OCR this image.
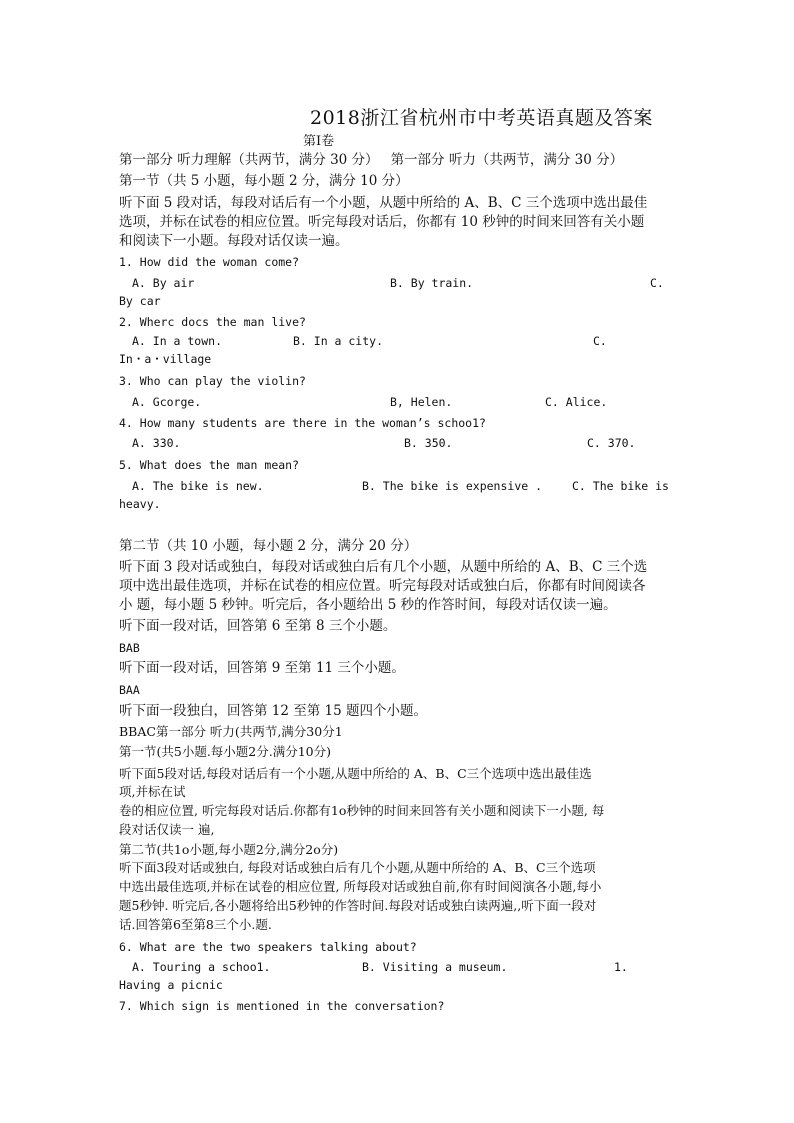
2018浙江省杭州市中考英语真题及答案
第Ⅰ卷
第一部分 听力理解（共两节，满分 30 分） 第一部分 听力（共两节，满分 30 分）
第一节（共 5 小题，每小题 2 分，满分 10 分）
听下面 5 段对话，每段对话后有一个小题，从题中所给的 A、B、C 三个选项中选出最佳
选项，并标在试卷的相应位置。听完每段对话后，你都有 10 秒钟的时间来回答有关小题
和阅读下一小题。每段对话仅读一遍。
1. How did the woman come?
A. By air	B. By train.	C.
By car
2. Wherc docs the man live?
A. In a town.	B. In a city.	C.
In・a・village
3. Who can play the violin?
A. Gcorge.	B, Helen.	C. Alice.
4. How many students are there in the woman’s schoo1?
A. 330.	B. 350.	C. 370.
5. What does the man mean?
A. The bike is new.	B. The bike is expensive .	C. The bike is
heavy.
第二节（共 10 小题，每小题 2 分，满分 20 分）
听下面 3 段对话或独白，每段对话或独白后有几个小题，从题中所给的 A、B、C 三个选
项中选出最佳选项，并标在试卷的相应位置。听完每段对话或独白后，你都有时间阅读各
小 题，每小题 5 秒钟。听完后，各小题给出 5 秒的作答时间，每段对话仅读一遍。
听下面一段对话，回答第 6 至第 8 三个小题。
BAB
听下面一段对话，回答第 9 至第 11 三个小题。
BAA
听下面一段独白，回答第 12 至第 15 题四个小题。
BBAC第一部分 听力(共两节,满分30分1
第一节(共5小题.每小题2分.满分10分)
听下面5段对话,每段对话后有一个小题,从题中所给的 A、B、C三个选项中选出最佳选
项,并标在试
卷的相应位置, 听完每段对话后.你都有1o秒钟的时间来回答有关小题和阅读下一小题, 每
段对话仅读一 遍,
第二节(共1o小题,每小题2分,满分2o分)
听下面3段对话或独白, 每段对话或独白后有几个小题,从题中所给的 A、B、C三个选项
中选出最佳选项,并标在试卷的相应位置, 所每段对话或独自前,你有时间阅演各小题,每小
题5秒钟. 听完后,各小题将给出5秒钟的作答时间.每段对话或独白读两遍,,听下面一段对
话.回答第6至第8三个小.题.
6. What are the two speakers talking about?
A. Touring a schoo1.	B. Visiting a museum.	1.
Having a picnic
7. Which sign is mentioned in the conversation?
